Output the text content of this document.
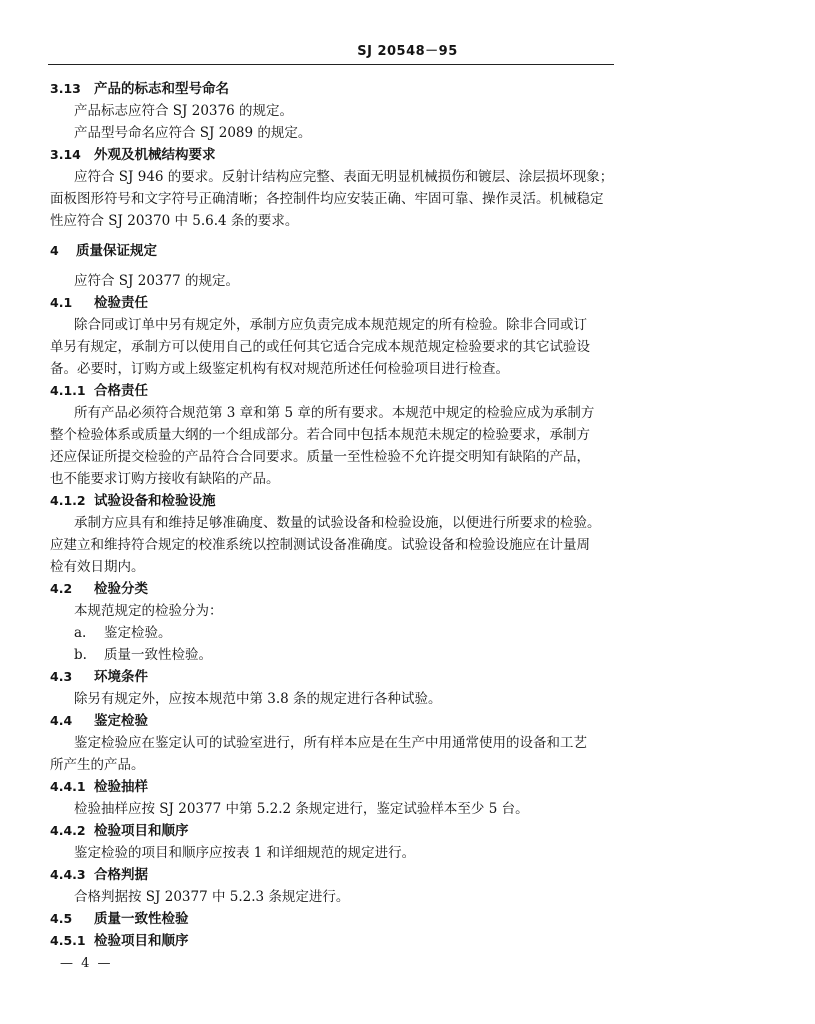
SJ 20548－95
3.13 产品的标志和型号命名
产品标志应符合 SJ 20376 的规定。
产品型号命名应符合 SJ 2089 的规定。
3.14 外观及机械结构要求
应符合 SJ 946 的要求。反射计结构应完整、表面无明显机械损伤和镀层、涂层损坏现象；
面板图形符号和文字符号正确清晰；各控制件均应安装正确、牢固可靠、操作灵活。机械稳定
性应符合 SJ 20370 中 5.6.4 条的要求。
4 质量保证规定
应符合 SJ 20377 的规定。
4.1 检验责任
除合同或订单中另有规定外，承制方应负责完成本规范规定的所有检验。除非合同或订
单另有规定，承制方可以使用自己的或任何其它适合完成本规范规定检验要求的其它试验设
备。必要时，订购方或上级鉴定机构有权对规范所述任何检验项目进行检查。
4.1.1 合格责任
所有产品必须符合规范第 3 章和第 5 章的所有要求。本规范中规定的检验应成为承制方
整个检验体系或质量大纲的一个组成部分。若合同中包括本规范未规定的检验要求，承制方
还应保证所提交检验的产品符合合同要求。质量一至性检验不允许提交明知有缺陷的产品，
也不能要求订购方接收有缺陷的产品。
4.1.2 试验设备和检验设施
承制方应具有和维持足够准确度、数量的试验设备和检验设施，以便进行所要求的检验。
应建立和维持符合规定的校准系统以控制测试设备准确度。试验设备和检验设施应在计量周
检有效日期内。
4.2 检验分类
本规范规定的检验分为：
a. 鉴定检验。
b. 质量一致性检验。
4.3 环境条件
除另有规定外，应按本规范中第 3.8 条的规定进行各种试验。
4.4 鉴定检验
鉴定检验应在鉴定认可的试验室进行，所有样本应是在生产中用通常使用的设备和工艺
所产生的产品。
4.4.1 检验抽样
检验抽样应按 SJ 20377 中第 5.2.2 条规定进行，鉴定试验样本至少 5 台。
4.4.2 检验项目和顺序
鉴定检验的项目和顺序应按表 1 和详细规范的规定进行。
4.4.3 合格判据
合格判据按 SJ 20377 中 5.2.3 条规定进行。
4.5 质量一致性检验
4.5.1 检验项目和顺序
— 4 —
